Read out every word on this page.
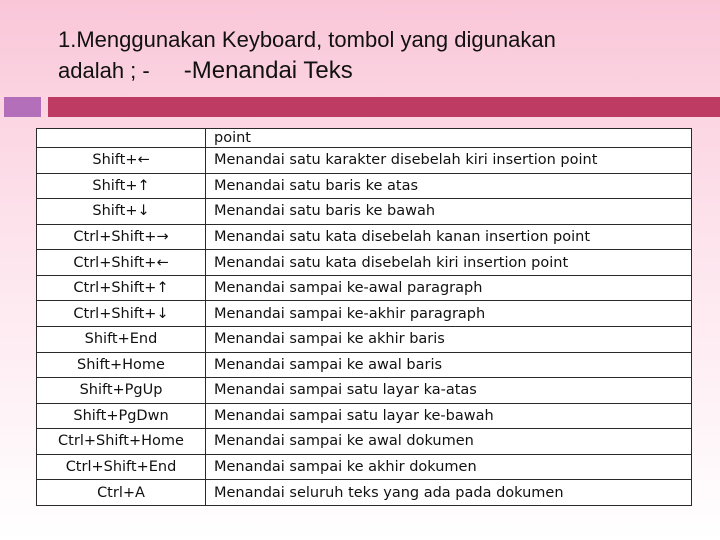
1.Menggunakan Keyboard, tombol yang digunakan
adalah ; - -Menandai Teks
	point
Shift+←	Menandai satu karakter disebelah kiri insertion point
Shift+↑	Menandai satu baris ke atas
Shift+↓	Menandai satu baris ke bawah
Ctrl+Shift+→	Menandai satu kata disebelah kanan insertion point
Ctrl+Shift+←	Menandai satu kata disebelah kiri insertion point
Ctrl+Shift+↑	Menandai sampai ke-awal paragraph
Ctrl+Shift+↓	Menandai sampai ke-akhir paragraph
Shift+End	Menandai sampai ke akhir baris
Shift+Home	Menandai sampai ke awal baris
Shift+PgUp	Menandai sampai satu layar ka-atas
Shift+PgDwn	Menandai sampai satu layar ke-bawah
Ctrl+Shift+Home	Menandai sampai ke awal dokumen
Ctrl+Shift+End	Menandai sampai ke akhir dokumen
Ctrl+A	Menandai seluruh teks yang ada pada dokumen
